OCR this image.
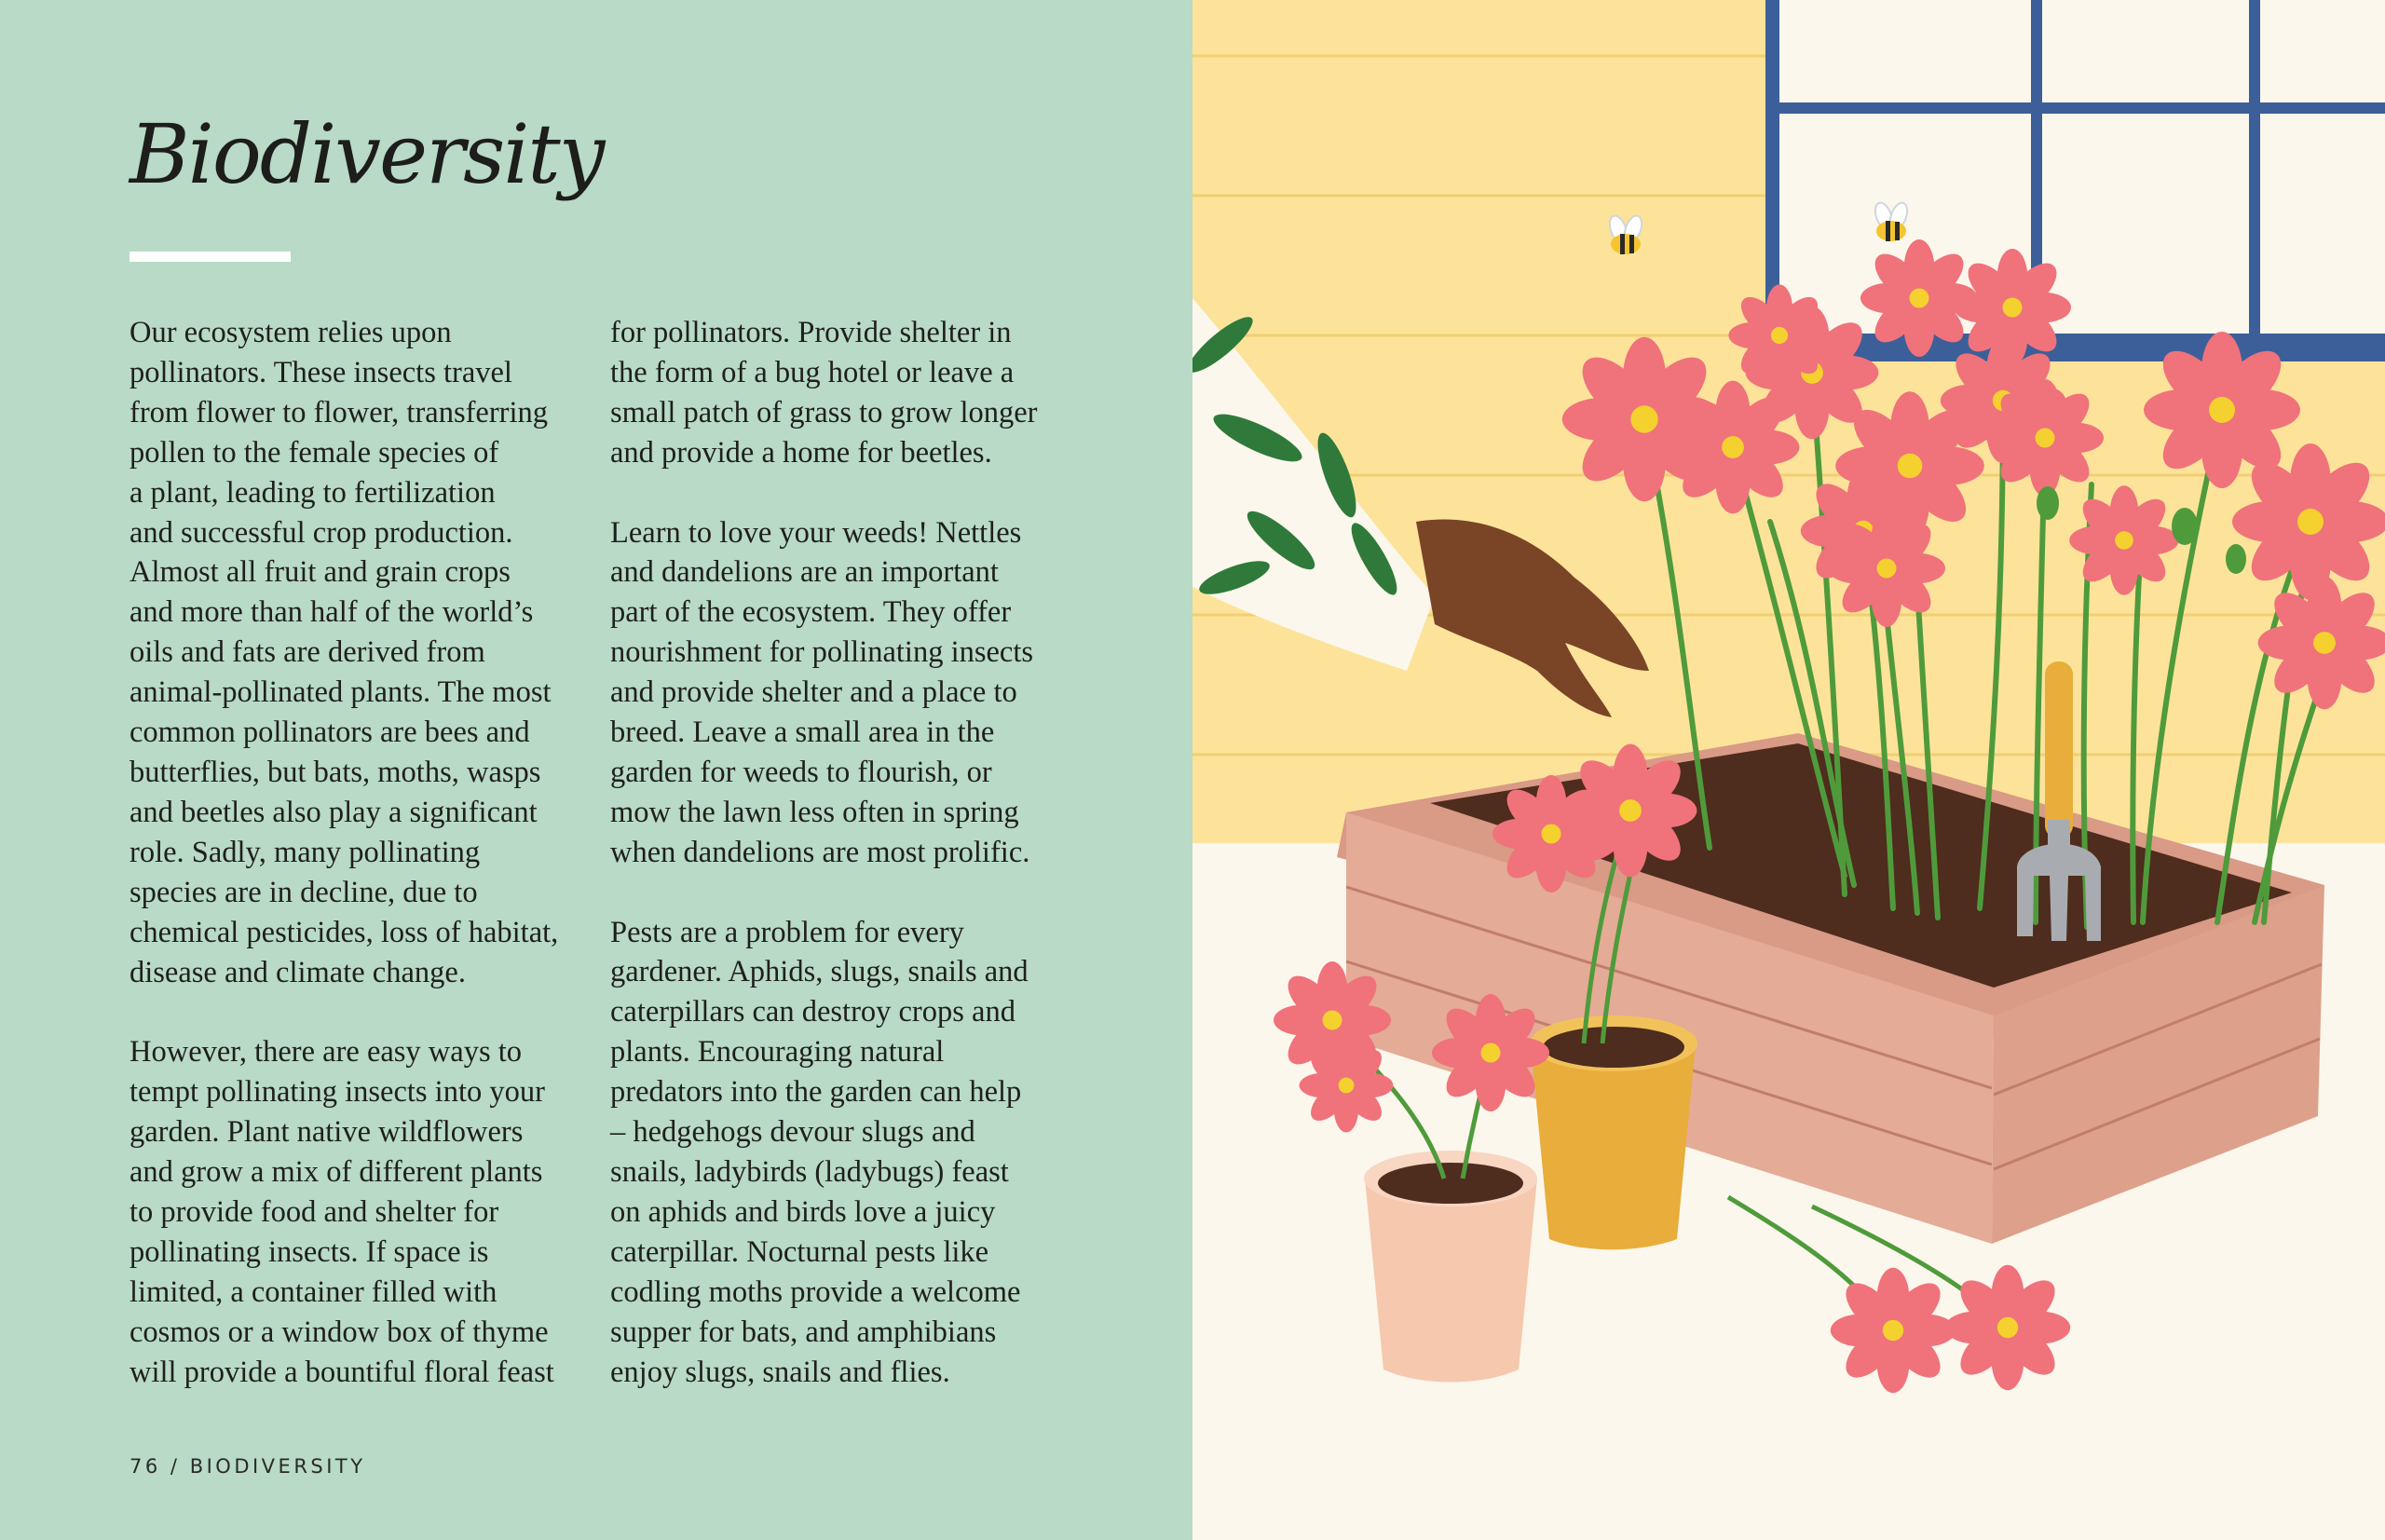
Biodiversity

Our ecosystem relies upon
pollinators. These insects travel
from flower to flower, transferring
pollen to the female species of
a plant, leading to fertilization
and successful crop production.
Almost all fruit and grain crops
and more than half of the world’s
oils and fats are derived from
animal-pollinated plants. The most
common pollinators are bees and
butterflies, but bats, moths, wasps
and beetles also play a significant
role. Sadly, many pollinating
species are in decline, due to
chemical pesticides, loss of habitat,
disease and climate change.

However, there are easy ways to
tempt pollinating insects into your
garden. Plant native wildflowers
and grow a mix of different plants
to provide food and shelter for
pollinating insects. If space is
limited, a container filled with
cosmos or a window box of thyme
will provide a bountiful floral feast

for pollinators. Provide shelter in
the form of a bug hotel or leave a
small patch of grass to grow longer
and provide a home for beetles.

Learn to love your weeds! Nettles
and dandelions are an important
part of the ecosystem. They offer
nourishment for pollinating insects
and provide shelter and a place to
breed. Leave a small area in the
garden for weeds to flourish, or
mow the lawn less often in spring
when dandelions are most prolific.

Pests are a problem for every
gardener. Aphids, slugs, snails and
caterpillars can destroy crops and
plants. Encouraging natural
predators into the garden can help
– hedgehogs devour slugs and
snails, ladybirds (ladybugs) feast
on aphids and birds love a juicy
caterpillar. Nocturnal pests like
codling moths provide a welcome
supper for bats, and amphibians
enjoy slugs, snails and flies.

76 / BIODIVERSITY
